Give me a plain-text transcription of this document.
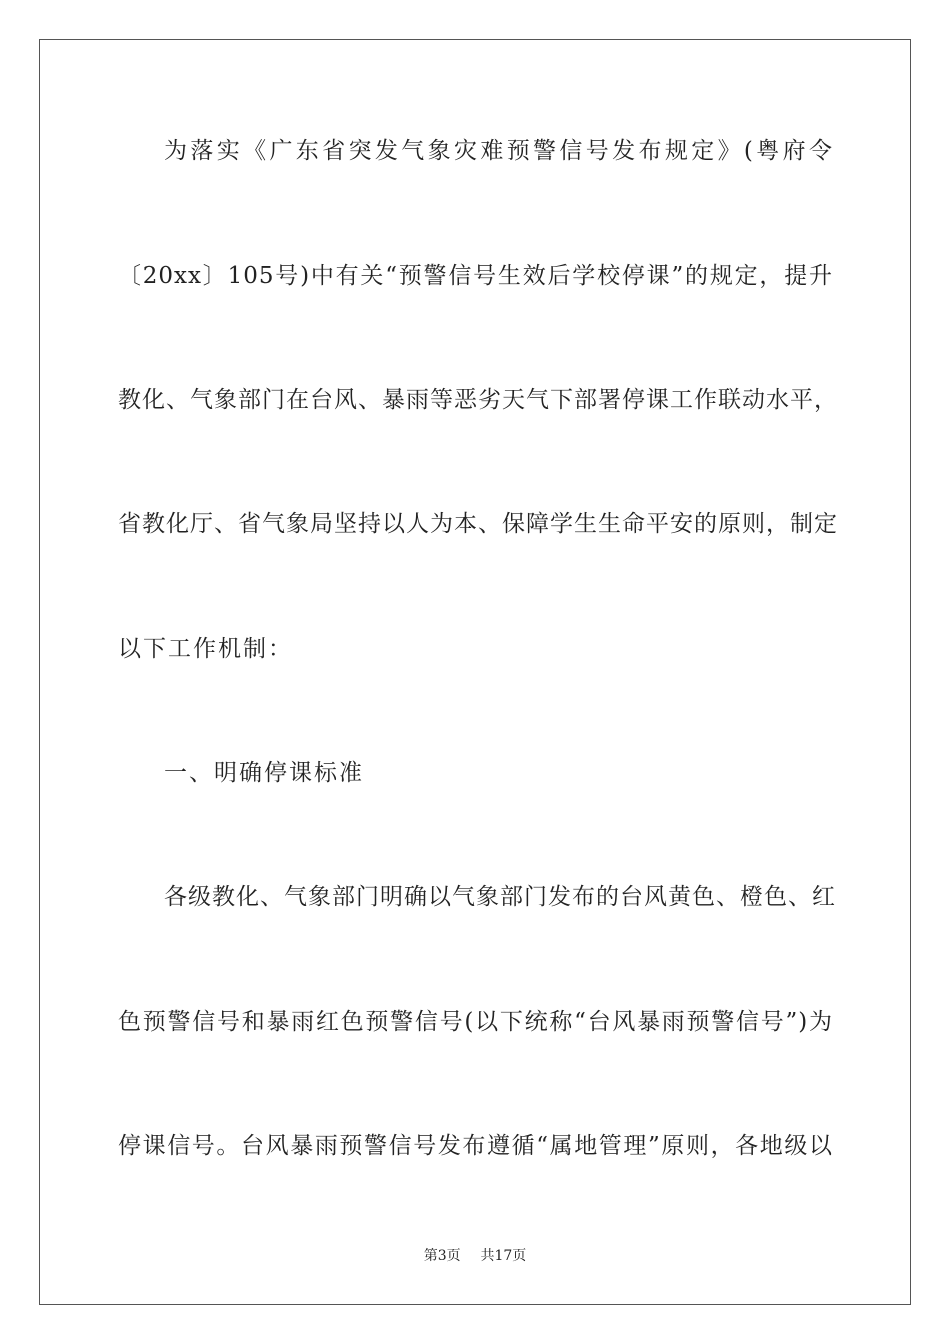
为落实《广东省突发气象灾难预警信号发布规定》(粤府令
〔20xx〕105号)中有关“预警信号生效后学校停课”的规定，提升
教化、气象部门在台风、暴雨等恶劣天气下部署停课工作联动水平，
省教化厅、省气象局坚持以人为本、保障学生生命平安的原则，制定
以下工作机制：
一、明确停课标准
各级教化、气象部门明确以气象部门发布的台风黄色、橙色、红
色预警信号和暴雨红色预警信号(以下统称“台风暴雨预警信号”)为
停课信号。台风暴雨预警信号发布遵循“属地管理”原则，各地级以
第3页 共17页
